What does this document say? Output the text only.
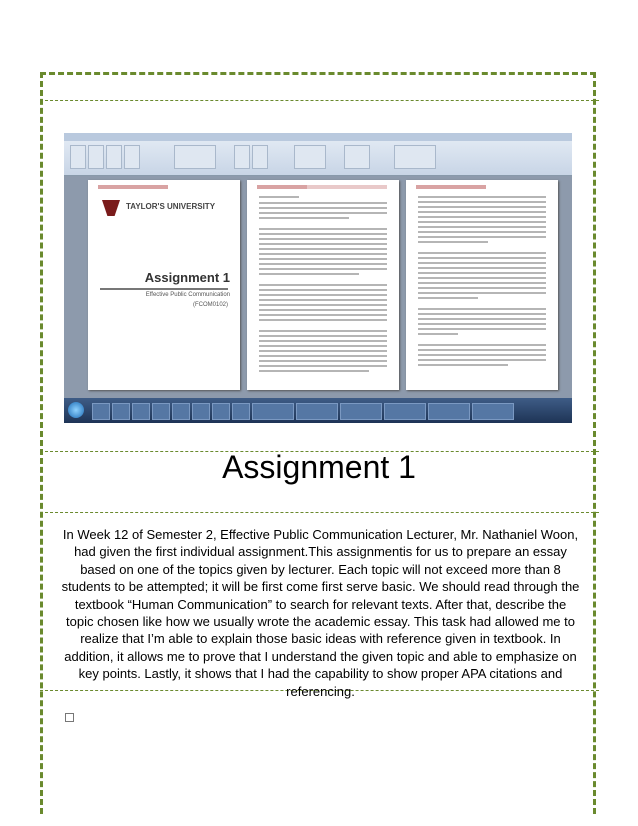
TAYLOR'S UNIVERSITY
Assignment 1
Effective Public Communication
(FCOM0102)
Assignment 1

In Week 12 of Semester 2, Effective Public Communication Lecturer, Mr. Nathaniel Woon, had given the first individual assignment.This assignmentis for us to prepare an essay based on one of the topics given by lecturer. Each topic will not exceed more than 8 students to be attempted; it will be first come first serve basic. We should read through the textbook “Human Communication” to search for relevant texts. After that, describe the topic chosen like how we usually wrote the academic essay. This task had allowed me to realize that I’m able to explain those basic ideas with reference given in textbook. In addition, it allows me to prove that I understand the given topic and able to emphasize on key points. Lastly, it shows that I had the capability to show proper APA citations and referencing.
